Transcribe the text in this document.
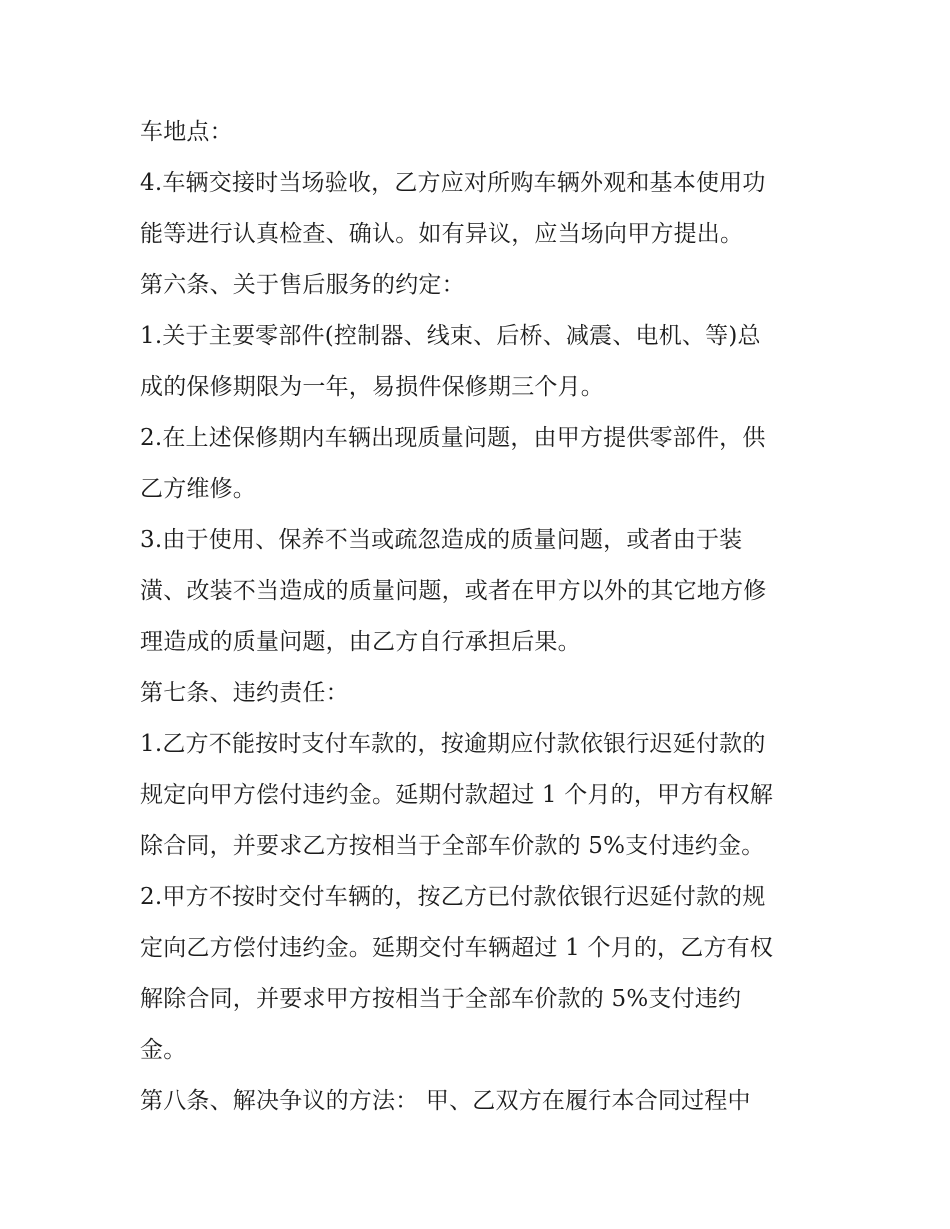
车地点：
4.车辆交接时当场验收，乙方应对所购车辆外观和基本使用功
能等进行认真检查、确认。如有异议，应当场向甲方提出。
第六条、关于售后服务的约定：
1.关于主要零部件(控制器、线束、后桥、减震、电机、等)总
成的保修期限为一年，易损件保修期三个月。
2.在上述保修期内车辆出现质量问题，由甲方提供零部件，供
乙方维修。
3.由于使用、保养不当或疏忽造成的质量问题，或者由于装
潢、改装不当造成的质量问题，或者在甲方以外的其它地方修
理造成的质量问题，由乙方自行承担后果。
第七条、违约责任：
1.乙方不能按时支付车款的，按逾期应付款依银行迟延付款的
规定向甲方偿付违约金。延期付款超过 1 个月的，甲方有权解
除合同，并要求乙方按相当于全部车价款的 5%支付违约金。
2.甲方不按时交付车辆的，按乙方已付款依银行迟延付款的规
定向乙方偿付违约金。延期交付车辆超过 1 个月的，乙方有权
解除合同，并要求甲方按相当于全部车价款的 5%支付违约
金。
第八条、解决争议的方法： 甲、乙双方在履行本合同过程中
